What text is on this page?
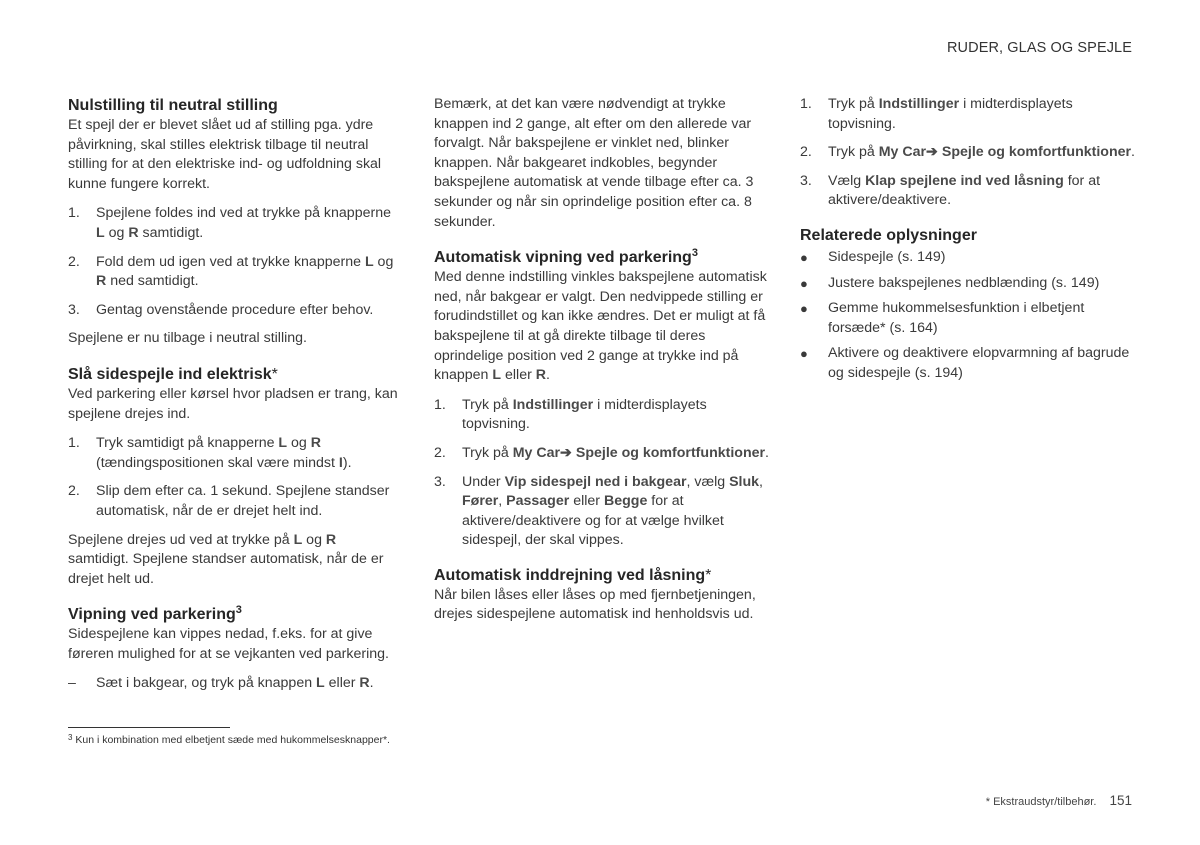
RUDER, GLAS OG SPEJLE
Nulstilling til neutral stilling

Et spejl der er blevet slået ud af stilling pga. ydre påvirkning, skal stilles elektrisk tilbage til neutral stilling for at den elektriske ind- og udfoldning skal kunne fungere korrekt.

1. Spejlene foldes ind ved at trykke på knapperne L og R samtidigt.
2. Fold dem ud igen ved at trykke knapperne L og R ned samtidigt.
3. Gentag ovenstående procedure efter behov.

Spejlene er nu tilbage i neutral stilling.

Slå sidespejle ind elektrisk*

Ved parkering eller kørsel hvor pladsen er trang, kan spejlene drejes ind.

1. Tryk samtidigt på knapperne L og R (tændingspositionen skal være mindst I).
2. Slip dem efter ca. 1 sekund. Spejlene standser automatisk, når de er drejet helt ind.

Spejlene drejes ud ved at trykke på L og R samtidigt. Spejlene standser automatisk, når de er drejet helt ud.

Vipning ved parkering$^3$

Sidespejlene kan vippes nedad, f.eks. for at give føreren mulighed for at se vejkanten ved parkering.

– Sæt i bakgear, og tryk på knappen L eller R.

Bemærk, at det kan være nødvendigt at trykke knappen ind 2 gange, alt efter om den allerede var forvalgt. Når bakspejlene er vinklet ned, blinker knappen. Når bakgearet indkobles, begynder bakspejlene automatisk at vende tilbage efter ca. 3 sekunder og når sin oprindelige position efter ca. 8 sekunder.

Automatisk vipning ved parkering$^3$

Med denne indstilling vinkles bakspejlene automatisk ned, når bakgear er valgt. Den nedvippede stilling er forudindstillet og kan ikke ændres. Det er muligt at få bakspejlene til at gå direkte tilbage til deres oprindelige position ved 2 gange at trykke ind på knappen L eller R.

1. Tryk på Indstillinger i midterdisplayets topvisning.
2. Tryk på My Car➔ Spejle og komfortfunktioner.
3. Under Vip sidespejl ned i bakgear, vælg Sluk, Fører, Passager eller Begge for at aktivere/deaktivere og for at vælge hvilket sidespejl, der skal vippes.
Automatisk inddrejning ved låsning*

Når bilen låses eller låses op med fjernbetjeningen, drejes sidespejlene automatisk ind henholdsvis ud.

1. Tryk på Indstillinger i midterdisplayets topvisning.
2. Tryk på My Car➔ Spejle og komfortfunktioner.
3. Vælg Klap spejlene ind ved låsning for at aktivere/deaktivere.
Relaterede oplysninger
● Sidespejle (s. 149)
● Justere bakspejlenes nedblænding (s. 149)
● Gemme hukommelsesfunktion i elbetjent forsæde* (s. 164)
● Aktivere og deaktivere elopvarmning af bagrude og sidespejle (s. 194)
$^3$ Kun i kombination med elbetjent sæde med hukommelsesknapper*.
* Ekstraudstyr/tilbehør. 151
